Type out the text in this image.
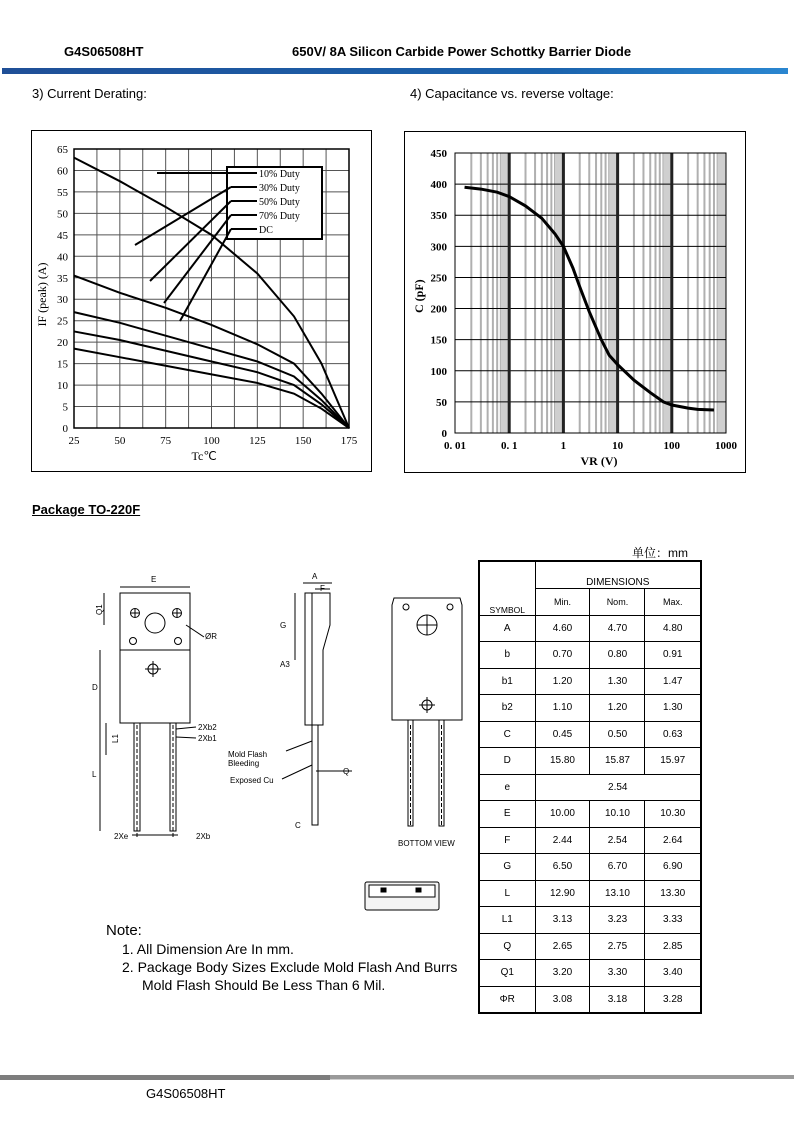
G4S06508HT	650V/ 8A Silicon Carbide Power Schottky Barrier Diode
3) Current Derating:	4) Capacitance vs. reverse voltage:
25	50	75	100	125	150	175
0
5
10
15
20
25
30
35
40
45
50
55
60
65
Tc℃
IF (peak) (A)
10% Duty
30% Duty
50% Duty
70% Duty
DC
0. 01	0. 1	1	10	100	1000
0
50
100
150
200
250
300
350
400
450
VR (V)
C (pF)
Package TO-220F
E
Q1
ØR
D
L1
L
2Xb2
2Xb1
2Xe	2Xb
A
F
G
A3
Q
C
Mold Flash
Bleeding
Exposed Cu
BOTTOM VIEW
单位：mm
SYMBOL	DIMENSIONS		
	Min.	Nom.	Max.
A	4.60	4.70	4.80
b	0.70	0.80	0.91
b1	1.20	1.30	1.47
b2	1.10	1.20	1.30
C	0.45	0.50	0.63
D	15.80	15.87	15.97
e	2.54		
E	10.00	10.10	10.30
F	2.44	2.54	2.64
G	6.50	6.70	6.90
L	12.90	13.10	13.30
L1	3.13	3.23	3.33
Q	2.65	2.75	2.85
Q1	3.20	3.30	3.40
ΦR	3.08	3.18	3.28
Note:
1. All Dimension Are In mm.
2. Package Body Sizes Exclude Mold Flash And Burrs
Mold Flash Should Be Less Than 6 Mil.
G4S06508HT
